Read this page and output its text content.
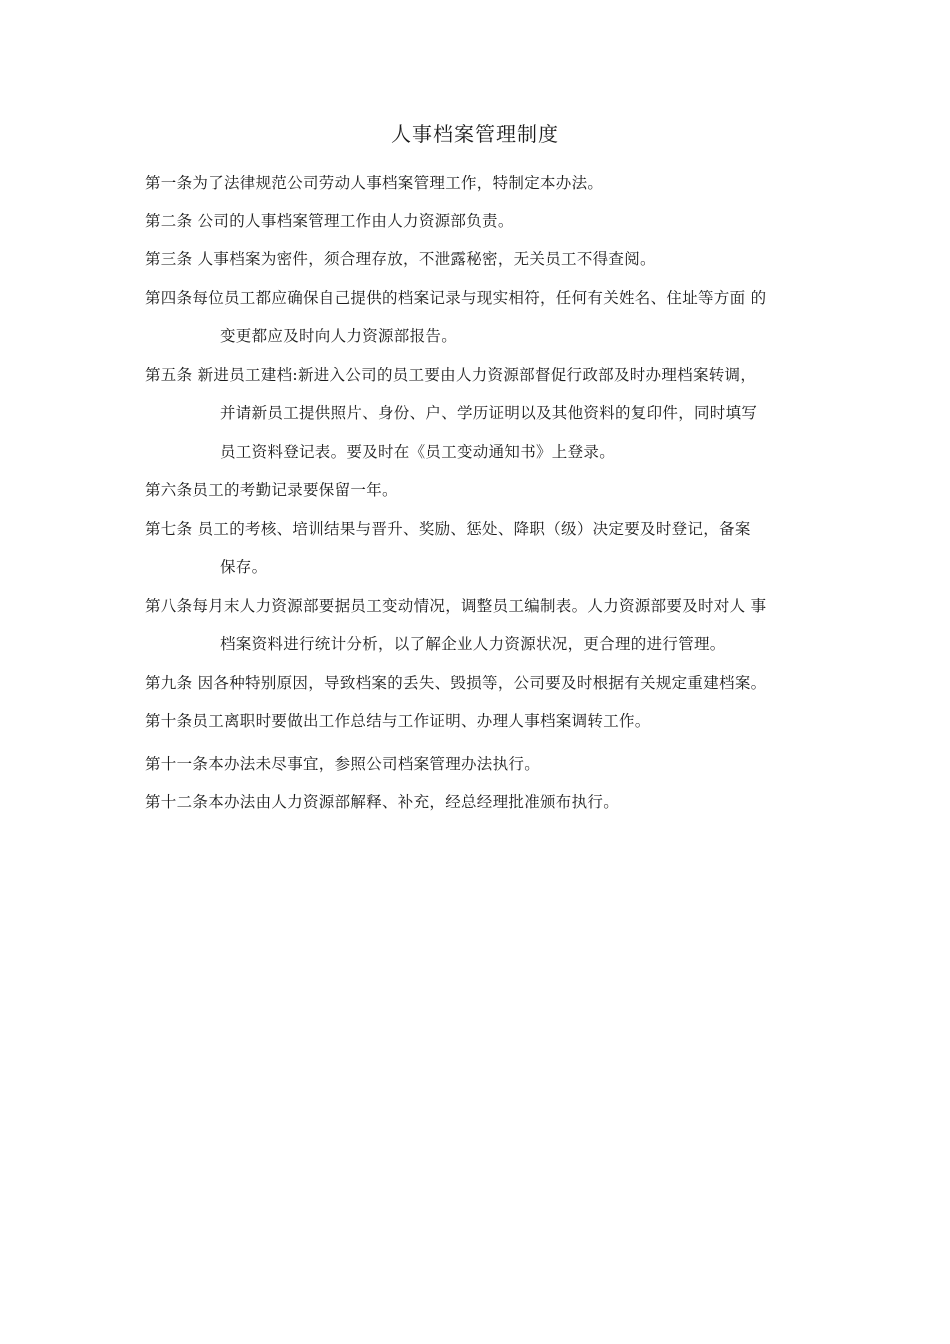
人事档案管理制度
第一条为了法律规范公司劳动人事档案管理工作，特制定本办法。
第二条 公司的人事档案管理工作由人力资源部负责。
第三条 人事档案为密件，须合理存放，不泄露秘密，无关员工不得查阅。
第四条每位员工都应确保自己提供的档案记录与现实相符，任何有关姓名、住址等方面 的
变更都应及时向人力资源部报告。
第五条 新进员工建档:新进入公司的员工要由人力资源部督促行政部及时办理档案转调，
并请新员工提供照片、身份、户、学历证明以及其他资料的复印件，同时填写
员工资料登记表。要及时在《员工变动通知书》上登录。
第六条员工的考勤记录要保留一年。
第七条 员工的考核、培训结果与晋升、奖励、惩处、降职（级）决定要及时登记，备案
保存。
第八条每月末人力资源部要据员工变动情况，调整员工编制表。人力资源部要及时对人 事
档案资料进行统计分析，以了解企业人力资源状况，更合理的进行管理。
第九条 因各种特别原因，导致档案的丢失、毁损等，公司要及时根据有关规定重建档案。
第十条员工离职时要做出工作总结与工作证明、办理人事档案调转工作。
第十一条本办法未尽事宜，参照公司档案管理办法执行。
第十二条本办法由人力资源部解释、补充，经总经理批准颁布执行。
